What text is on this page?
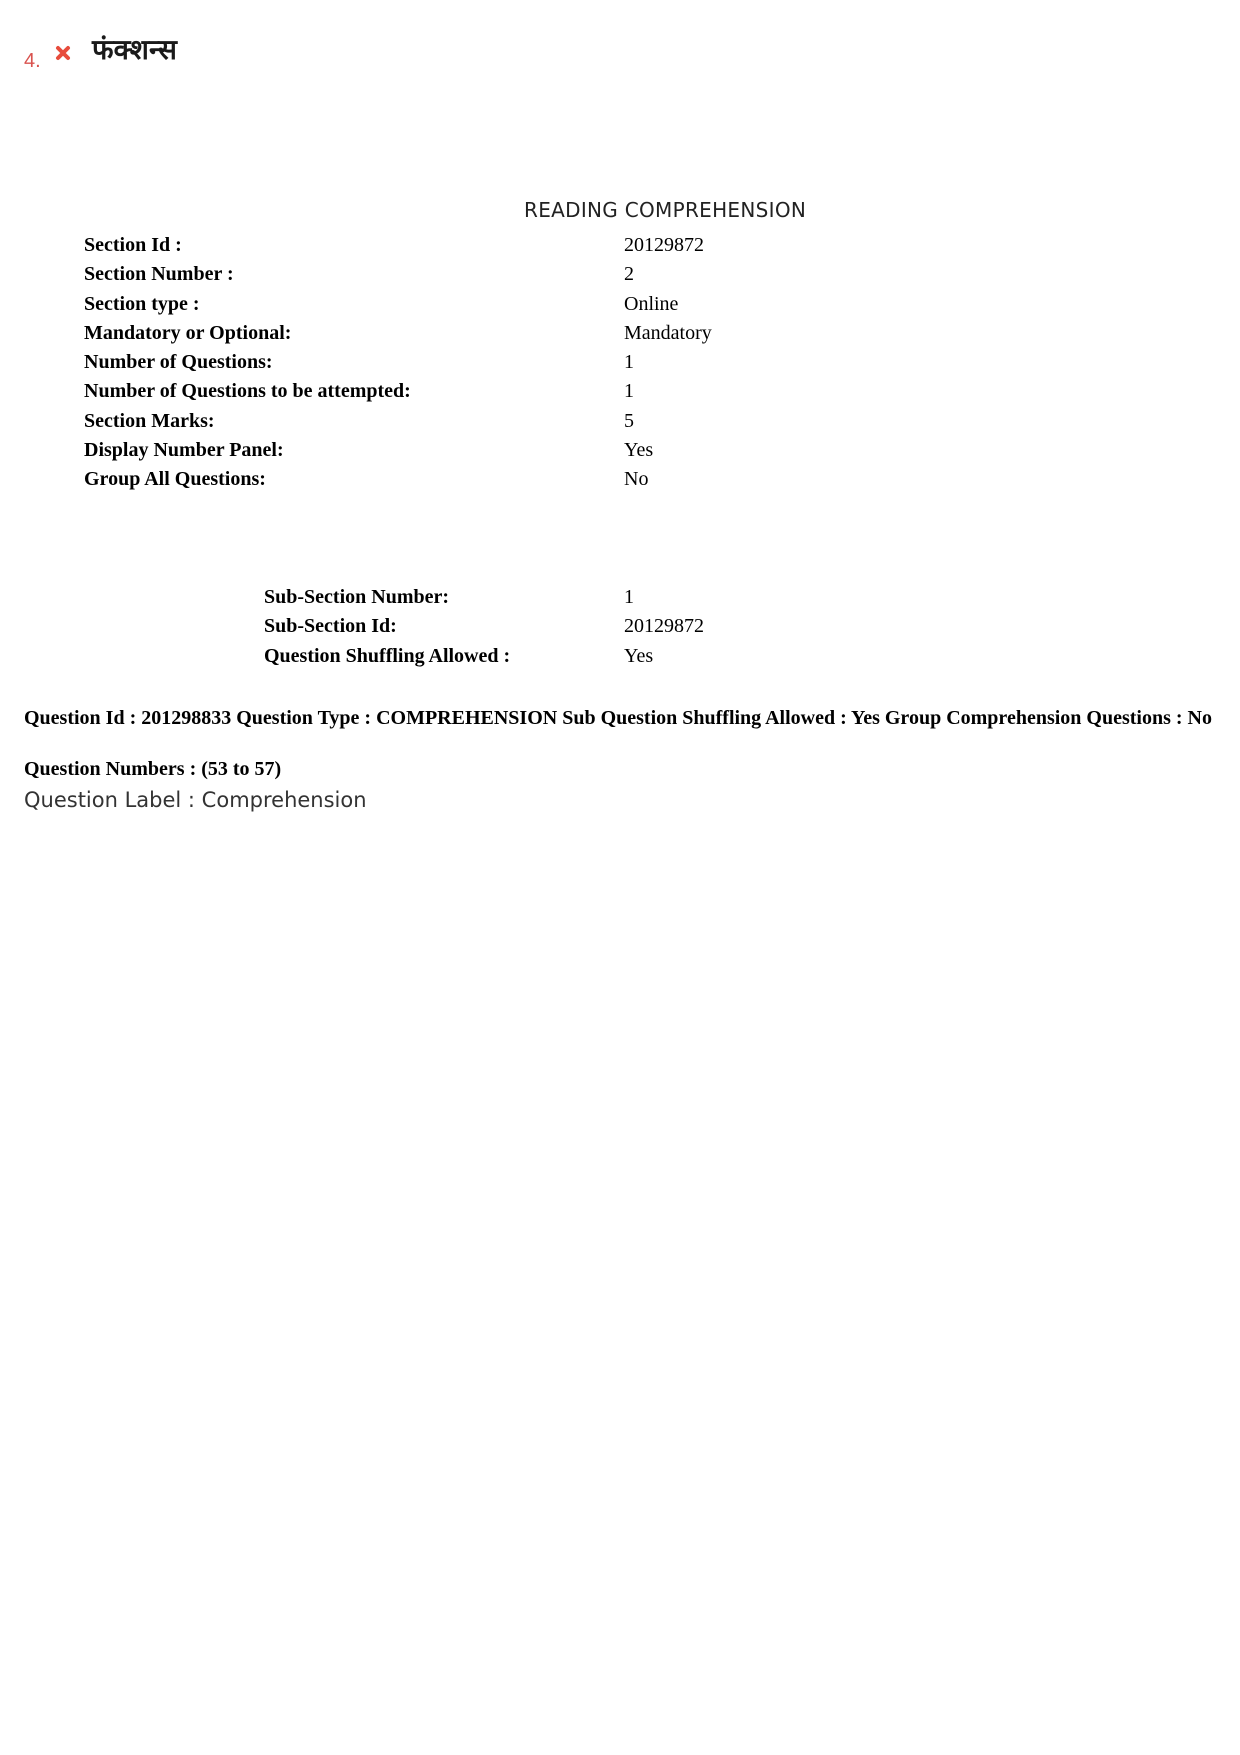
4. फंक्शन्स
READING COMPREHENSION
Section Id :	20129872
Section Number :	2
Section type :	Online
Mandatory or Optional:	Mandatory
Number of Questions:	1
Number of Questions to be attempted:	1
Section Marks:	5
Display Number Panel:	Yes
Group All Questions:	No
Sub-Section Number:	1
Sub-Section Id:	20129872
Question Shuffling Allowed :	Yes
Question Id : 201298833 Question Type : COMPREHENSION Sub Question Shuffling Allowed : Yes Group Comprehension Questions : No
Question Numbers : (53 to 57)
Question Label : Comprehension
